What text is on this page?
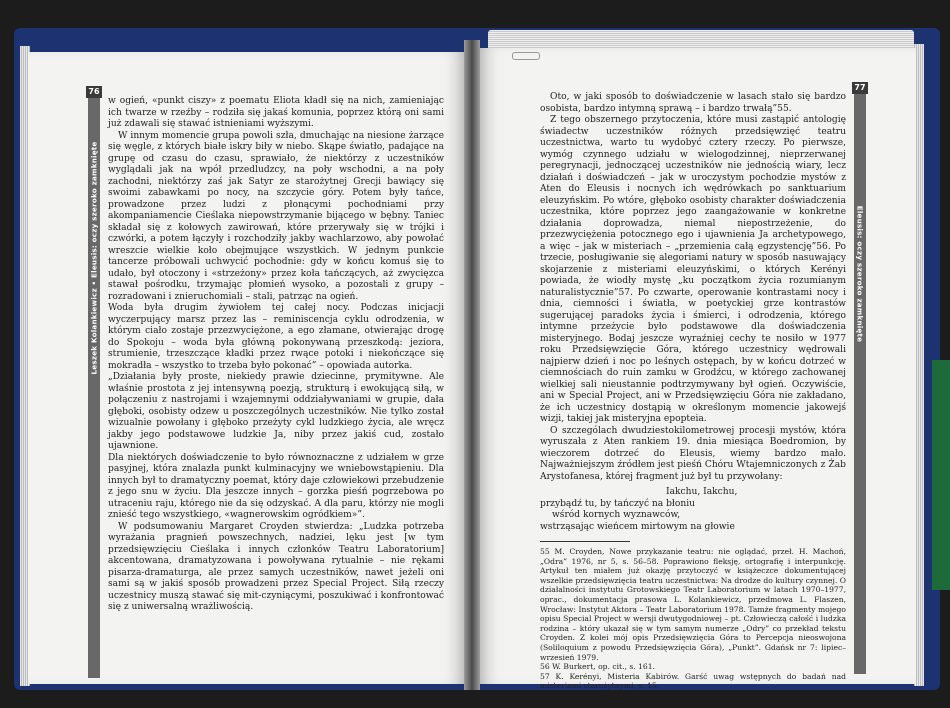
Leszek Kolankiewicz • Eleusis: oczy szeroko zamknięte
76

w ogień, «punkt ciszy» z poematu Eliota kładł się na nich, zamieniając ich twarze w rzeźby – rodziła się jakaś komunia, poprzez którą oni sami już zdawali się stawać istnieniami wyższymi.

W innym momencie grupa powoli szła, dmuchając na niesione żarzące się węgle, z których białe iskry biły w niebo. Skąpe światło, padające na grupę od czasu do czasu, sprawiało, że niektórzy z uczestników wyglądali jak na wpół przedludzcy, na poły wschodni, a na poły zachodni, niektórzy zaś jak Satyr ze starożytnej Grecji bawiący się swoimi zabawkami po nocy, na szczycie góry. Potem były tańce, prowadzone przez ludzi z płonącymi pochodniami przy akompaniamencie Cieślaka niepowstrzymanie bijącego w bębny. Taniec składał się z kołowych zawirowań, które przerywały się w trójki i czwórki, a potem łączyły i rozchodziły jakby wachlarzowo, aby powołać wreszcie wielkie koło obejmujące wszystkich. W jednym punkcie tancerze próbowali uchwycić pochodnie: gdy w końcu komuś się to udało, był otoczony i «strzeżony» przez koła tańczących, aż zwycięzca stawał pośrodku, trzymając płomień wysoko, a pozostali z grupy – rozradowani i znieruchomiali – stali, patrząc na ogień.

Woda była drugim żywiołem tej całej nocy. Podczas inicjacji wyczerpujący marsz przez las – reminiscencja cyklu odrodzenia, w którym ciało zostaje przezwyciężone, a ego złamane, otwierając drogę do Spokoju – woda była główną pokonywaną przeszkodą: jeziora, strumienie, trzeszczące kładki przez rwące potoki i niekończące się mokradła – wszystko to trzeba było pokonać” – opowiada autorka.

„Działania były proste, niekiedy prawie dziecinne, prymitywne. Ale właśnie prostota z jej intensywną poezją, strukturą i ewokującą siłą, w połączeniu z nastrojami i wzajemnymi oddziaływaniami w grupie, dała głęboki, osobisty odzew u poszczególnych uczestników. Nie tylko został wizualnie powołany i głęboko przeżyty cykl ludzkiego życia, ale wręcz jakby jego podstawowe ludzkie Ja, niby przez jakiś cud, zostało ujawnione.

Dla niektórych doświadczenie to było równoznaczne z udziałem w grze pasyjnej, która znalazła punkt kulminacyjny we wniebowstąpieniu. Dla innych był to dramatyczny poemat, który daje człowiekowi przebudzenie z jego snu w życiu. Dla jeszcze innych – gorzka pieśń pogrzebowa po utraceniu raju, którego nie da się odzyskać. A dla paru, którzy nie mogli znieść tego wszystkiego, «wagnerowskim ogródkiem»”.

W podsumowaniu Margaret Croyden stwierdza: „Ludzka potrzeba wyrażania pragnień powszechnych, nadziei, lęku jest [w tym przedsięwzięciu Cieślaka i innych członków Teatru Laboratorium] akcentowana, dramatyzowana i powoływana rytualnie – nie rękami pisarza-dramaturga, ale przez samych uczestników, nawet jeżeli oni sami są w jakiś sposób prowadzeni przez Special Project. Siłą rzeczy uczestnicy muszą stawać się mit-czyniącymi, poszukiwać i konfrontować się z uniwersalną wrażliwością.

Eleusis: oczy szeroko zamknięte
77

Oto, w jaki sposób to doświadczenie w lasach stało się bardzo osobista, bardzo intymną sprawą – i bardzo trwałą”55.

Z tego obszernego przytoczenia, które musi zastąpić antologię świadectw uczestników różnych przedsięwzięć teatru uczestnictwa, warto tu wydobyć cztery rzeczy. Po pierwsze, wymóg czynnego udziału w wielogodzinnej, nieprzerwanej peregrynacji, jednoczącej uczestników nie jednością wiary, lecz działań i doświadczeń – jak w uroczystym pochodzie mystów z Aten do Eleusis i nocnych ich wędrówkach po sanktuarium eleuzyńskim. Po wtóre, głęboko osobisty charakter doświadczenia uczestnika, które poprzez jego zaangażowanie w konkretne działania doprowadza, niemal niepostrzeżenie, do przezwyciężenia potocznego ego i ujawnienia Ja archetypowego, a więc – jak w misteriach – „przemienia całą egzystencję”56. Po trzecie, posługiwanie się alegoriami natury w sposób nasuwający skojarzenie z misteriami eleuzyńskimi, o których Kerényi powiada, że wiodły mystę „ku początkom życia rozumianym naturalistycznie”57. Po czwarte, operowanie kontrastami nocy i dnia, ciemności i światła, w poetyckiej grze kontrastów sugerującej paradoks życia i śmierci, i odrodzenia, którego intymne przeżycie było podstawowe dla doświadczenia misteryjnego. Bodaj jeszcze wyraźniej cechy te nosiło w 1977 roku Przedsięwzięcie Góra, którego uczestnicy wędrowali najpierw dzień i noc po leśnych ostępach, by w końcu dotrzeć w ciemnościach do ruin zamku w Grodźcu, w którego zachowanej wielkiej sali nieustannie podtrzymywany był ogień. Oczywiście, ani w Special Project, ani w Przedsięwzięciu Góra nie zakładano, że ich uczestnicy dostąpią w określonym momencie jakowejś wizji, takiej jak misteryjna epopteia.

O szczególach dwudziestokilometrowej procesji mystów, która wyruszała z Aten rankiem 19. dnia miesiąca Boedromion, by wieczorem dotrzeć do Eleusis, wiemy bardzo mało. Najważniejszym źródłem jest pieśń Chóru Wtajemniczonych z Żab Arystofanesa, której fragment już był tu przywołany:

Iakchu, Iakchu,
przybądź tu, by tańczyć na błoniu
wśród kornych wyznawców,
wstrząsając wieńcem mirtowym na głowie
55 M. Croyden, Nowe przykazanie teatru: nie oglądać, przeł. H. Machoń, „Odra” 1976, nr 5, s. 56–58. Poprawiono fleksję, ortografię i interpunkcję. Artykuł ten miałem już okazję przytoczyć w książeczce dokumentującej wszelkie przedsięwzięcia teatru uczestnictwa: Na drodze do kultury czynnej. O działalności instytutu Grotowskiego Teatr Laboratorium w latach 1970–1977, oprac., dokumentacja prasowa L. Kolankiewicz, przedmowa L. Flaszen, Wrocław: Instytut Aktora – Teatr Laboratorium 1978. Tamże fragmenty mojego opisu Special Project w wersji dwutygodniowej – pt. Człowieczą całość i ludzka rodzina – który ukazał się w tym samym numerze „Odry” co przekład tekstu Croyden. Z kolei mój opis Przedsięwzięcia Góra to Percepcja nieoswojona (Soliloquium z powodu Przedsięwzięcia Góra), „Punkt”. Gdańsk nr 7: lipiec–wrzesień 1979.
56 W. Burkert, op. cit., s. 161.
57 K. Kerényi, Misteria Kabirów. Garść uwag wstępnych do badań nad misteriami starożytnymi, s. 15.
